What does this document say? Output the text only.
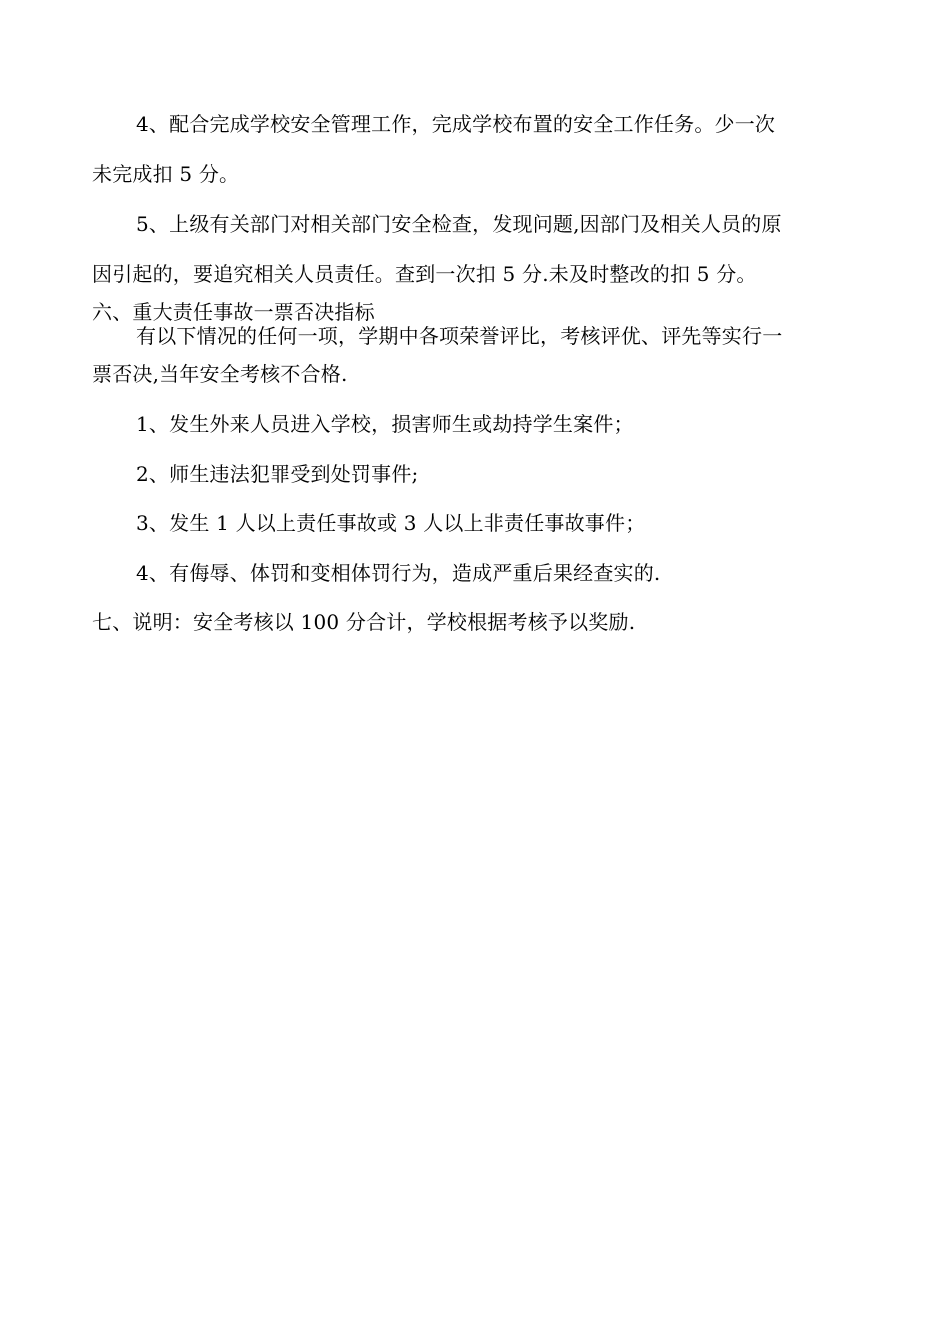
4、配合完成学校安全管理工作，完成学校布置的安全工作任务。少一次
未完成扣 5 分。
5、上级有关部门对相关部门安全检查，发现问题,因部门及相关人员的原
因引起的，要追究相关人员责任。查到一次扣 5 分.未及时整改的扣 5 分。
六、重大责任事故一票否决指标
有以下情况的任何一项，学期中各项荣誉评比，考核评优、评先等实行一
票否决,当年安全考核不合格.
1、发生外来人员进入学校，损害师生或劫持学生案件；
2、师生违法犯罪受到处罚事件;
3、发生 1 人以上责任事故或 3 人以上非责任事故事件；
4、有侮辱、体罚和变相体罚行为，造成严重后果经查实的.
七、说明：安全考核以 100 分合计，学校根据考核予以奖励.
